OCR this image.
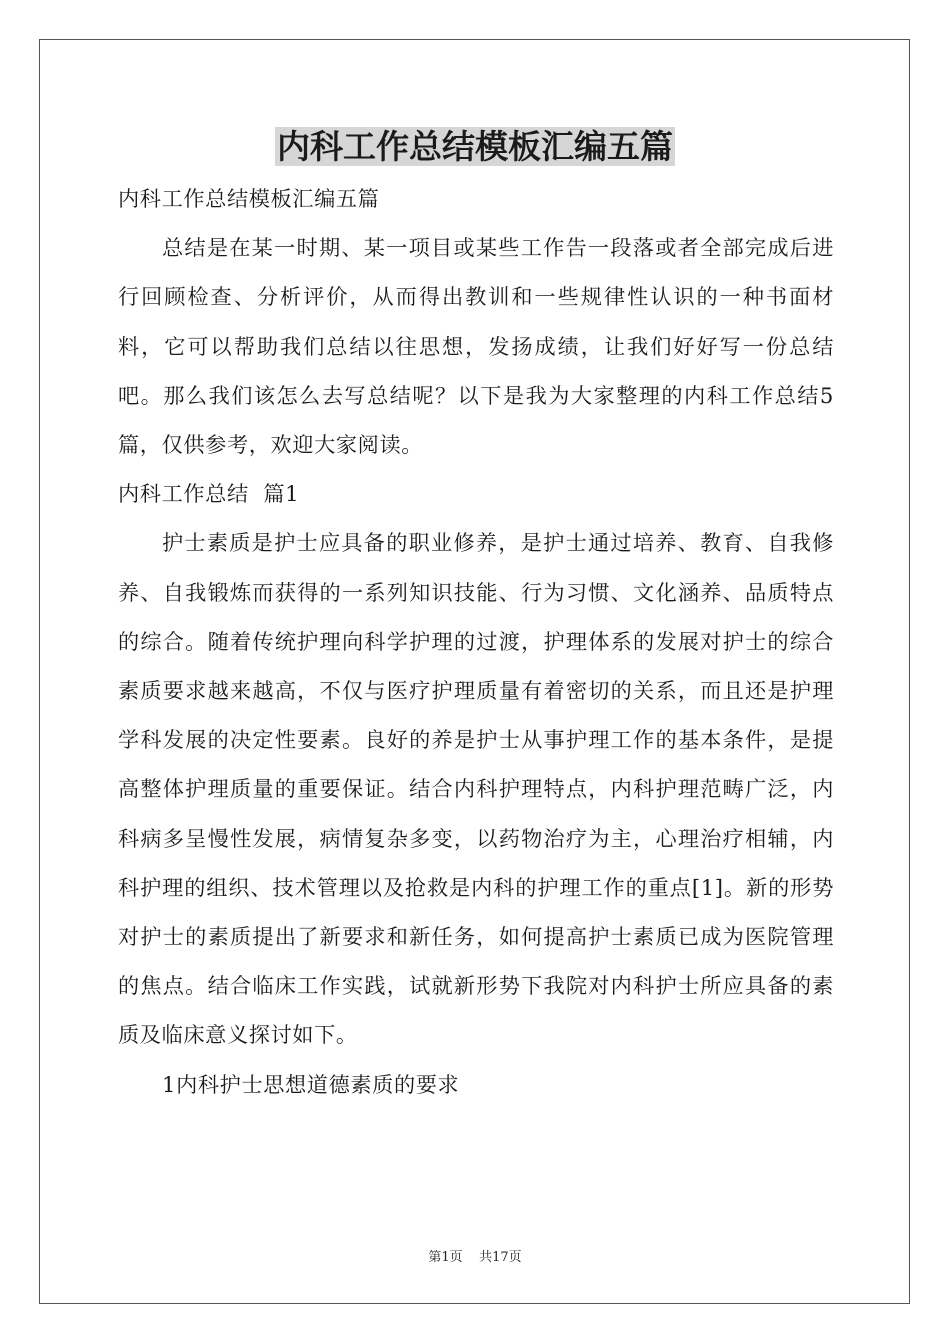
内科工作总结模板汇编五篇

内科工作总结模板汇编五篇

总结是在某一时期、某一项目或某些工作告一段落或者全部完成后进行回顾检查、分析评价，从而得出教训和一些规律性认识的一种书面材料，它可以帮助我们总结以往思想，发扬成绩，让我们好好写一份总结吧。那么我们该怎么去写总结呢？以下是我为大家整理的内科工作总结5篇，仅供参考，欢迎大家阅读。

内科工作总结  篇1

护士素质是护士应具备的职业修养，是护士通过培养、教育、自我修养、自我锻炼而获得的一系列知识技能、行为习惯、文化涵养、品质特点的综合。随着传统护理向科学护理的过渡，护理体系的发展对护士的综合素质要求越来越高，不仅与医疗护理质量有着密切的关系，而且还是护理学科发展的决定性要素。良好的养是护士从事护理工作的基本条件，是提高整体护理质量的重要保证。结合内科护理特点，内科护理范畴广泛，内科病多呈慢性发展，病情复杂多变，以药物治疗为主，心理治疗相辅，内科护理的组织、技术管理以及抢救是内科的护理工作的重点[1]。新的形势对护士的素质提出了新要求和新任务，如何提高护士素质已成为医院管理的焦点。结合临床工作实践，试就新形势下我院对内科护士所应具备的素质及临床意义探讨如下。

1内科护士思想道德素质的要求

第1页    共17页
